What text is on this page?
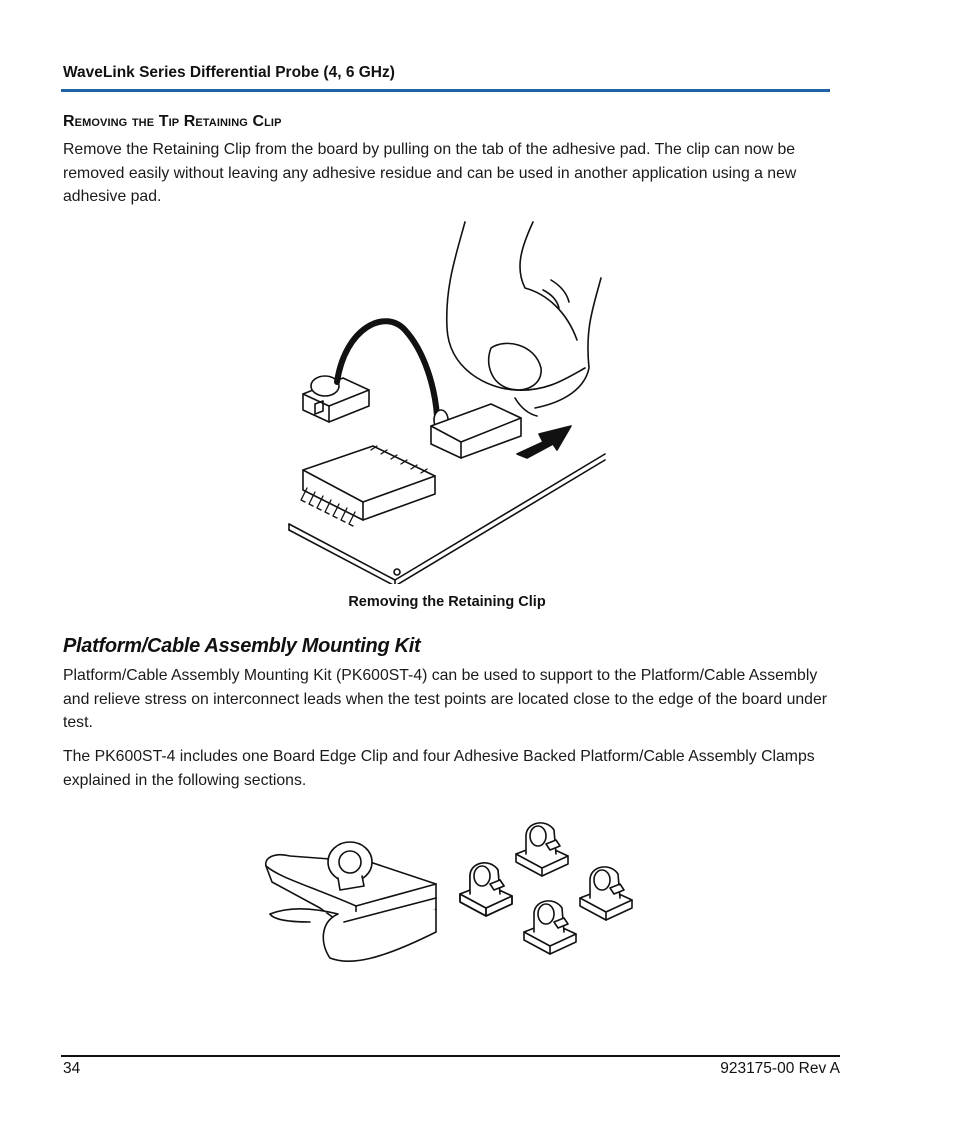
WaveLink Series Differential Probe (4, 6 GHz)
Removing the Tip Retaining Clip
Remove the Retaining Clip from the board by pulling on the tab of the adhesive pad. The clip can now be removed easily without leaving any adhesive residue and can be used in another application using a new adhesive pad.
Removing the Retaining Clip
Platform/Cable Assembly Mounting Kit
Platform/Cable Assembly Mounting Kit (PK600ST-4) can be used to support to the Platform/Cable Assembly and relieve stress on interconnect leads when the test points are located close to the edge of the board under test.
The PK600ST-4 includes one Board Edge Clip and four Adhesive Backed Platform/Cable Assembly Clamps explained in the following sections.
34	923175-00 Rev A
